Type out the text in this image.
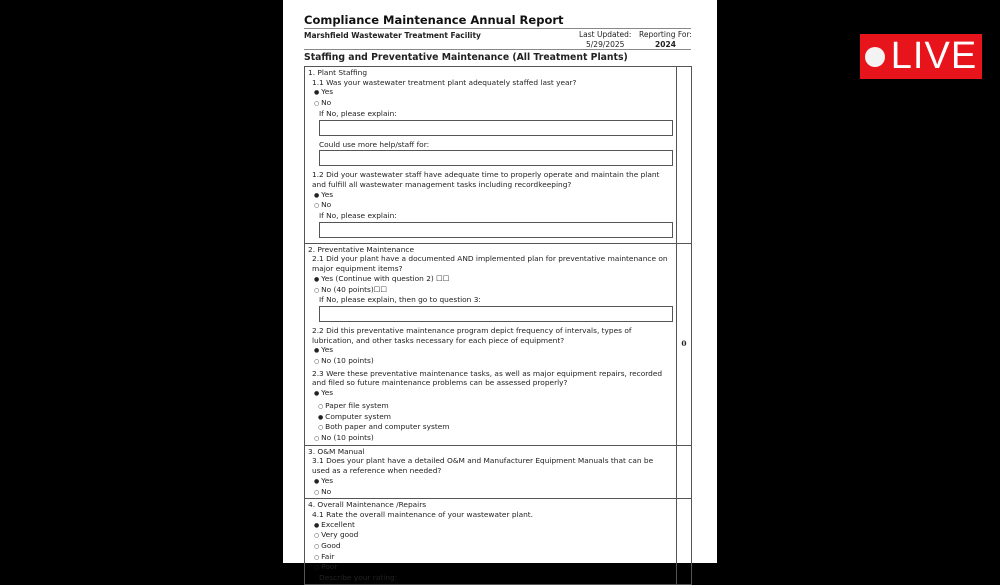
Compliance Maintenance Annual Report
Marshfield Wastewater Treatment Facility	Last Updated:
5/29/2025
Reporting For:
2024
Staffing and Preventative Maintenance (All Treatment Plants)
1. Plant Staffing
1.1 Was your wastewater treatment plant adequately staffed last year?
● Yes
○ No
If No, please explain:
Could use more help/staff for:
1.2 Did your wastewater staff have adequate time to properly operate and maintain the plant and fulfill all wastewater management tasks including recordkeeping?
● Yes
○ No
If No, please explain:
2. Preventative Maintenance
2.1 Did your plant have a documented AND implemented plan for preventative maintenance on major equipment items?
● Yes (Continue with question 2) ☐☐
○ No (40 points)☐☐
If No, please explain, then go to question 3:
2.2 Did this preventative maintenance program depict frequency of intervals, types of lubrication, and other tasks necessary for each piece of equipment?
● Yes
○ No (10 points)
2.3 Were these preventative maintenance tasks, as well as major equipment repairs, recorded and filed so future maintenance problems can be assessed properly?
● Yes
○ Paper file system
● Computer system
○ Both paper and computer system
○ No (10 points)
0
3. O&M Manual
3.1 Does your plant have a detailed O&M and Manufacturer Equipment Manuals that can be used as a reference when needed?
● Yes
○ No
4. Overall Maintenance /Repairs
4.1 Rate the overall maintenance of your wastewater plant.
● Excellent
○ Very good
○ Good
○ Fair
○ Poor
Describe your rating:
LIVE
